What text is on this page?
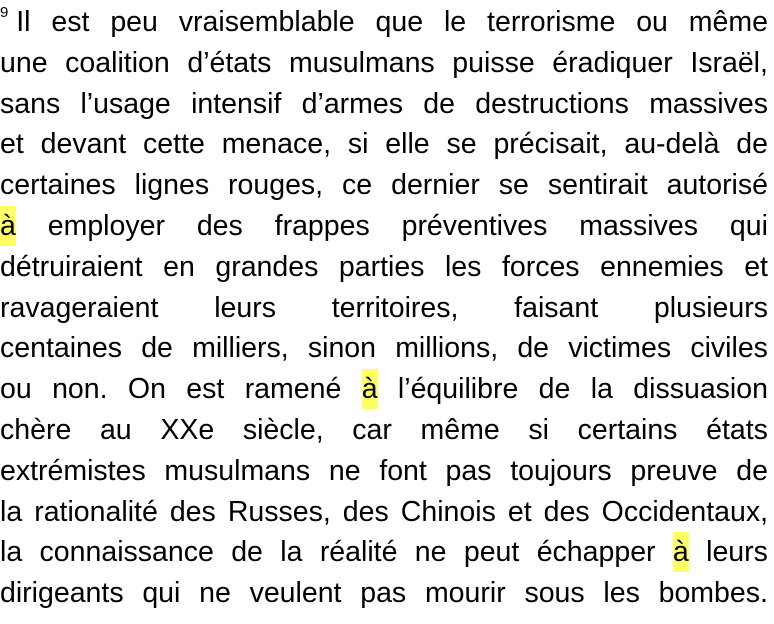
$^9$ Il est peu vraisemblable que le terrorisme ou même
une coalition d’états musulmans puisse éradiquer Israël,
sans l’usage intensif d’armes de destructions massives
et devant cette menace, si elle se précisait, au-delà de
certaines lignes rouges, ce dernier se sentirait autorisé
à employer des frappes préventives massives qui
détruiraient en grandes parties les forces ennemies et
ravageraient leurs territoires, faisant plusieurs
centaines de milliers, sinon millions, de victimes civiles
ou non. On est ramené à l’équilibre de la dissuasion
chère au XXe siècle, car même si certains états
extrémistes musulmans ne font pas toujours preuve de
la rationalité des Russes, des Chinois et des Occidentaux,
la connaissance de la réalité ne peut échapper à leurs
dirigeants qui ne veulent pas mourir sous les bombes.
